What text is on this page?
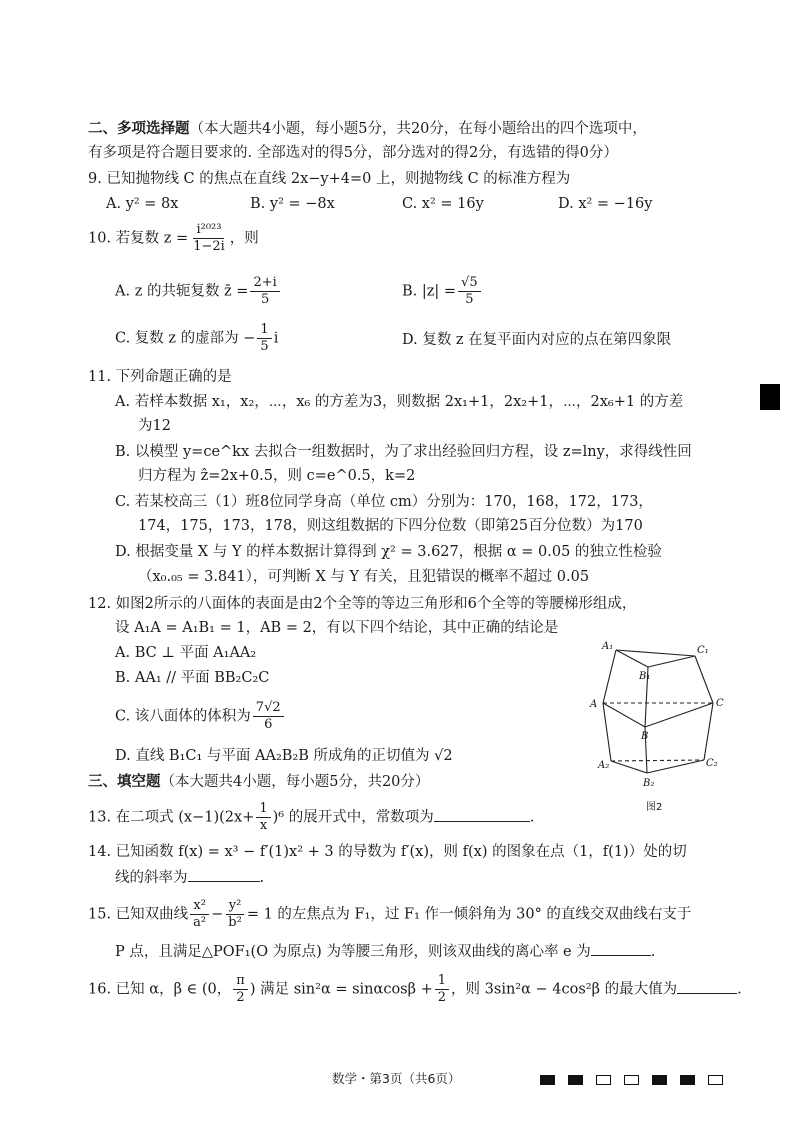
二、多项选择题（本大题共4小题，每小题5分，共20分，在每小题给出的四个选项中，
有多项是符合题目要求的. 全部选对的得5分，部分选对的得2分，有选错的得0分）
9. 已知抛物线 C 的焦点在直线 2x−y+4=0 上，则抛物线 C 的标准方程为
A. y² = 8x	B. y² = −8x	C. x² = 16y	D. x² = −16y
10. 若复数 $z = \frac{\text{i²⁰²³}}{1-2i}$ ，则
A. z 的共轭复数 z̄ = $\frac{2+i}{5}$	B. $|z| = \frac{√5}{5}$
C. 复数 z 的虚部为 − $\frac{1}{5}$ i	D. 复数 z 在复平面内对应的点在第四象限
11. 下列命题正确的是
A. 若样本数据 x₁，x₂，⋯，x₆ 的方差为3，则数据 2x₁+1，2x₂+1，⋯，2x₆+1 的方差
为12
B. 以模型 y=ce^kx 去拟合一组数据时，为了求出经验回归方程，设 z=lny，求得线性回
归方程为 ẑ=2x+0.5，则 c=e^0.5，k=2
C. 若某校高三（1）班8位同学身高（单位 cm）分别为：170，168，172，173，
174，175，173，178，则这组数据的下四分位数（即第25百分位数）为170
D. 根据变量 X 与 Y 的样本数据计算得到 χ² = 3.627，根据 α = 0.05 的独立性检验
（x₀.₀₅ = 3.841），可判断 X 与 Y 有关，且犯错误的概率不超过 0.05
12. 如图2所示的八面体的表面是由2个全等的等边三角形和6个全等的等腰梯形组成，
设 A₁A = A₁B₁ = 1，AB = 2，有以下四个结论，其中正确的结论是
A. BC ⊥ 平面 A₁AA₂
B. AA₁ // 平面 BB₂C₂C
C. 该八面体的体积为 $\frac{7√2}{6}$
D. 直线 B₁C₁ 与平面 AA₂B₂B 所成角的正切值为 √2
A₁	C₁
B₁
A	C
B
A₂	C₂
B₂
图2
三、填空题（本大题共4小题，每小题5分，共20分）
13. 在二项式 $(x-1)(2x+ \frac{1}{x} )^6$ 的展开式中，常数项为	.
14. 已知函数 f(x) = x³ − f′(1)x² + 3 的导数为 f′(x)，则 f(x) 的图象在点（1，f(1)）处的切
线的斜率为	.
15. 已知双曲线 $\frac{\text{x²}}{\text{a²}} - \frac{\text{y²}}{\text{b²}} = 1$ 的左焦点为 F₁，过 F₁ 作一倾斜角为 30° 的直线交双曲线右支于
P 点，且满足△POF₁(O 为原点) 为等腰三角形，则该双曲线的离心率 e 为	.
16. 已知 α，β ∈ (0， $\frac{\pi}{2}$ ) 满足 $\sin^2\alpha = \sin\alpha\cos\beta + \frac{1}{2}$ ，则 3sin²α − 4cos²β 的最大值为	.
数学・第3页（共6页）
